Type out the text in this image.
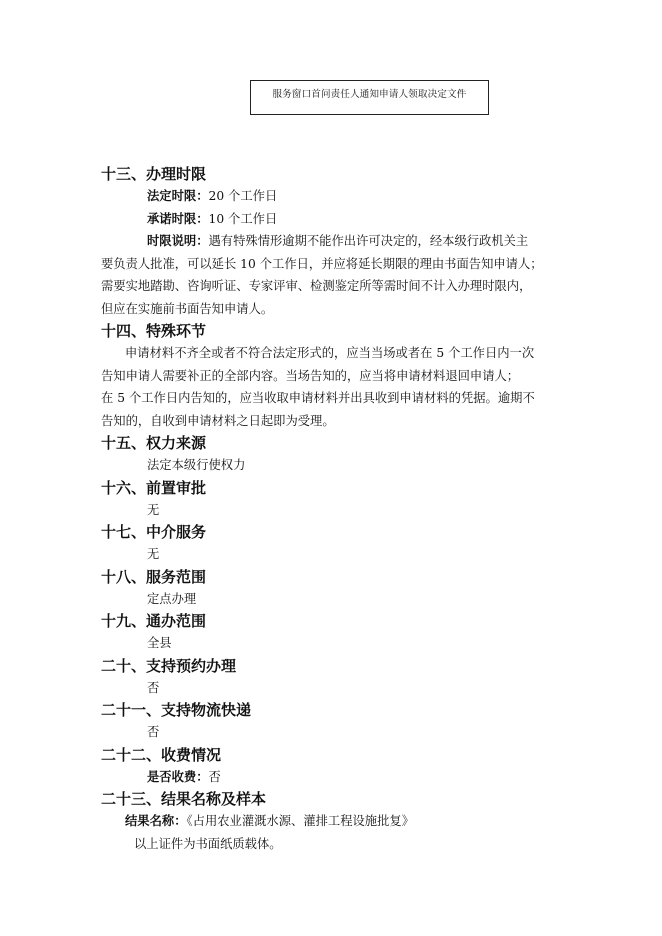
服务窗口首问责任人通知申请人领取决定文件
十三、办理时限
法定时限：20 个工作日
承诺时限：10 个工作日
时限说明：遇有特殊情形逾期不能作出许可决定的，经本级行政机关主
要负责人批准，可以延长 10 个工作日，并应将延长期限的理由书面告知申请人；
需要实地踏勘、咨询听证、专家评审、检测鉴定所等需时间不计入办理时限内，
但应在实施前书面告知申请人。
十四、特殊环节
申请材料不齐全或者不符合法定形式的，应当当场或者在 5 个工作日内一次
告知申请人需要补正的全部内容。当场告知的，应当将申请材料退回申请人；
在 5 个工作日内告知的，应当收取申请材料并出具收到申请材料的凭据。逾期不
告知的，自收到申请材料之日起即为受理。
十五、权力来源
法定本级行使权力
十六、前置审批
无
十七、中介服务
无
十八、服务范围
定点办理
十九、通办范围
全县
二十、支持预约办理
否
二十一、支持物流快递
否
二十二、收费情况
是否收费：否
二十三、结果名称及样本
结果名称：《占用农业灌溉水源、灌排工程设施批复》
以上证件为书面纸质载体。
